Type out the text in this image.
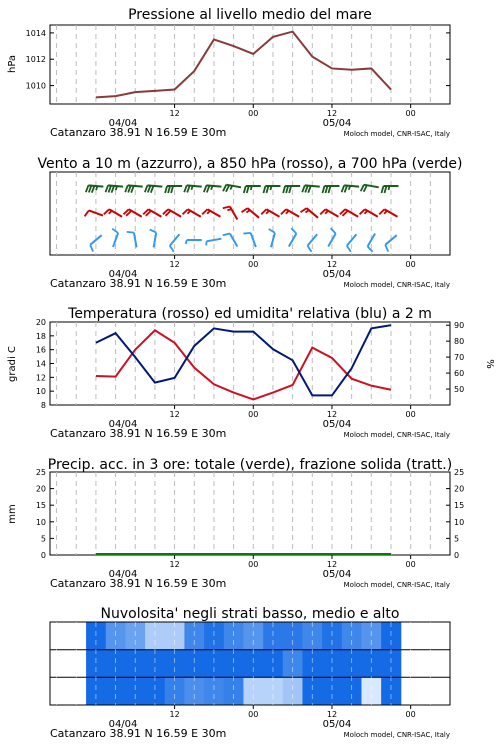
Pressione al livello medio del mare
hPa
1010
1012
1014
12	00	12	00
04/04	05/04
Catanzaro 38.91 N 16.59 E 30m	Moloch model, CNR-ISAC, Italy
Vento a 10 m (azzurro), a 850 hPa (rosso), a 700 hPa (verde)
12	00	12	00
04/04	05/04
Catanzaro 38.91 N 16.59 E 30m	Moloch model, CNR-ISAC, Italy
Temperatura (rosso) ed umidita' relativa (blu) a 2 m
gradi C	%
8
10
12
14
16
18
20
50
60
70
80
90
12	00	12	00
04/04	05/04
Catanzaro 38.91 N 16.59 E 30m	Moloch model, CNR-ISAC, Italy
Precip. acc. in 3 ore: totale (verde), frazione solida (tratt.)
mm
0	0
5	5
10	10
15	15
20	20
25	25
12	00	12	00
04/04	05/04
Catanzaro 38.91 N 16.59 E 30m	Moloch model, CNR-ISAC, Italy
Nuvolosita' negli strati basso, medio e alto
12	00	12	00
04/04	05/04
Catanzaro 38.91 N 16.59 E 30m	Moloch model, CNR-ISAC, Italy
